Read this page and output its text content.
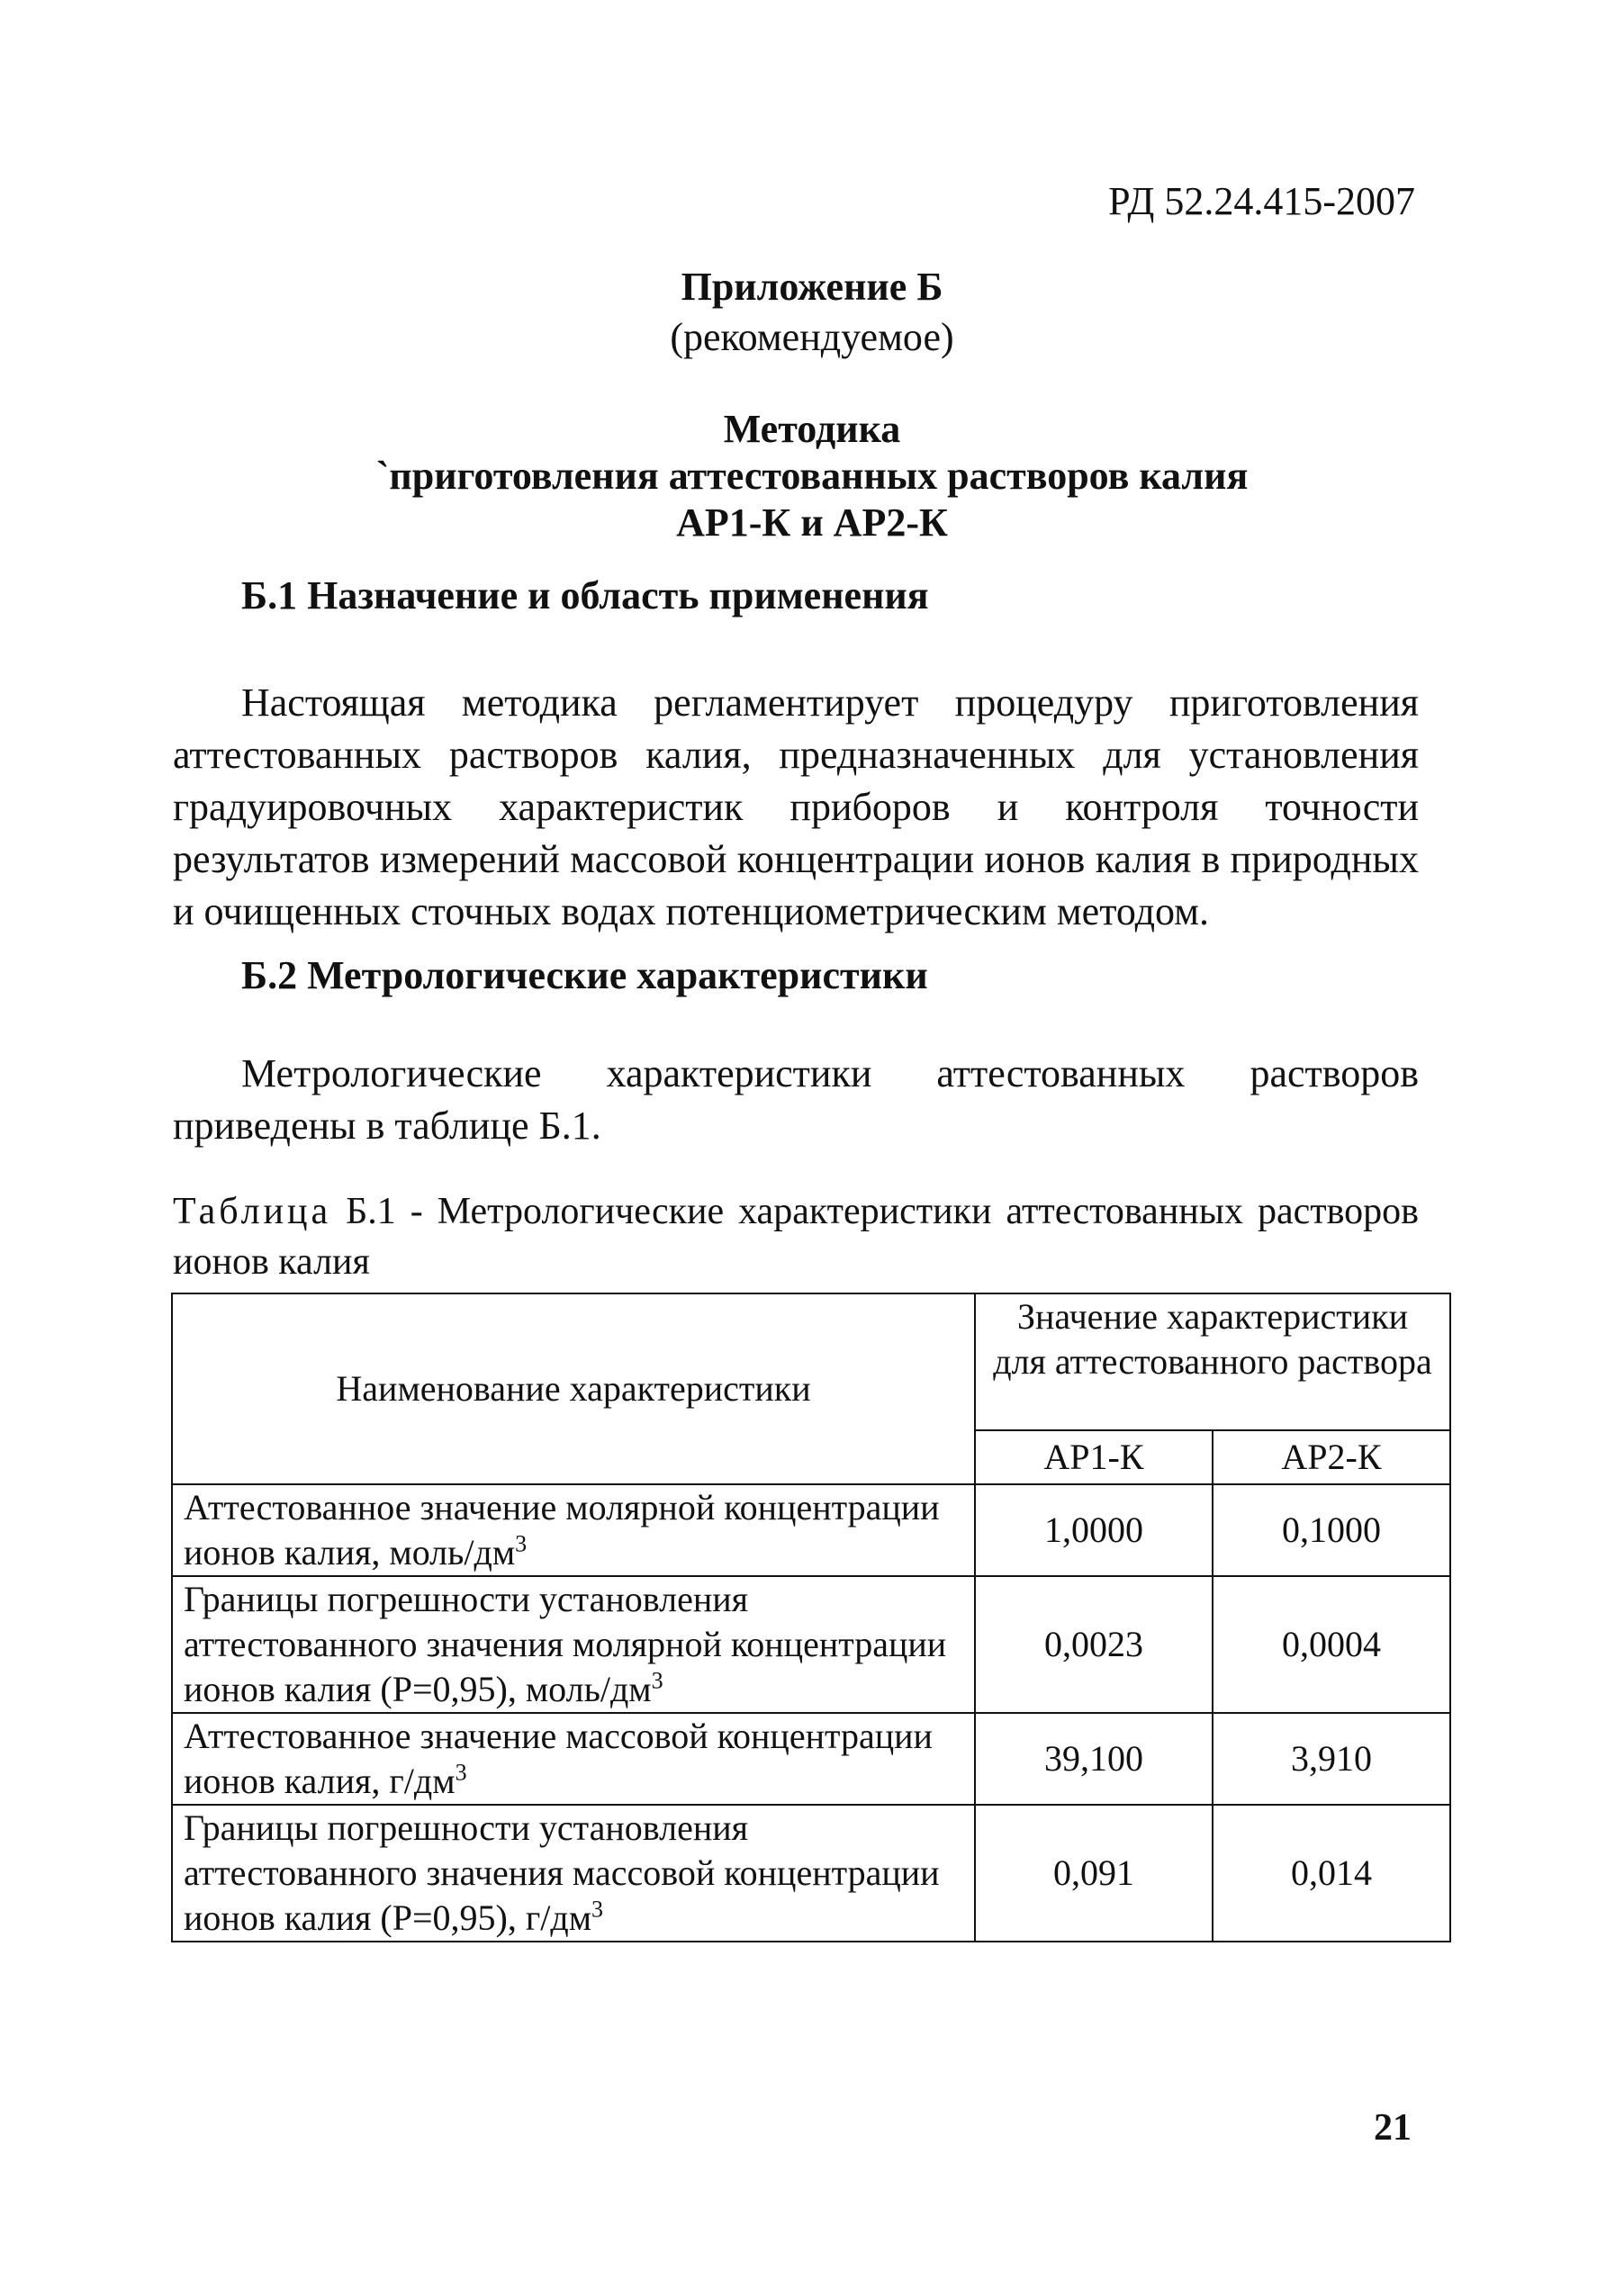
РД 52.24.415-2007
Приложение Б
(рекомендуемое)
Методика
`приготовления аттестованных растворов калия
АР1-К и АР2-К
Б.1 Назначение и область применения
Настоящая методика регламентирует процедуру приготовления аттестованных растворов калия, предназначенных для установления градуировочных характеристик приборов и контроля точности результатов измерений массовой концентрации ионов калия в природных и очищенных сточных водах потенциометрическим методом.
Б.2 Метрологические характеристики
Метрологические характеристики аттестованных растворов приведены в таблице Б.1.
Таблица Б.1 - Метрологические характеристики аттестованных растворов ионов калия
Наименование характеристики	Значение характеристики для аттестованного раствора	
	АР1-К	АР2-К
Аттестованное значение молярной концентрации ионов калия, моль/$дм^3$	1,0000	0,1000
Границы погрешности установления аттестованного значения молярной концентрации ионов калия (Р=0,95), моль/$дм^3$	0,0023	0,0004
Аттестованное значение массовой концентрации ионов калия, $г/дм^3$	39,100	3,910
Границы погрешности установления аттестованного значения массовой концентрации ионов калия (Р=0,95), $г/дм^3$	0,091	0,014
21
